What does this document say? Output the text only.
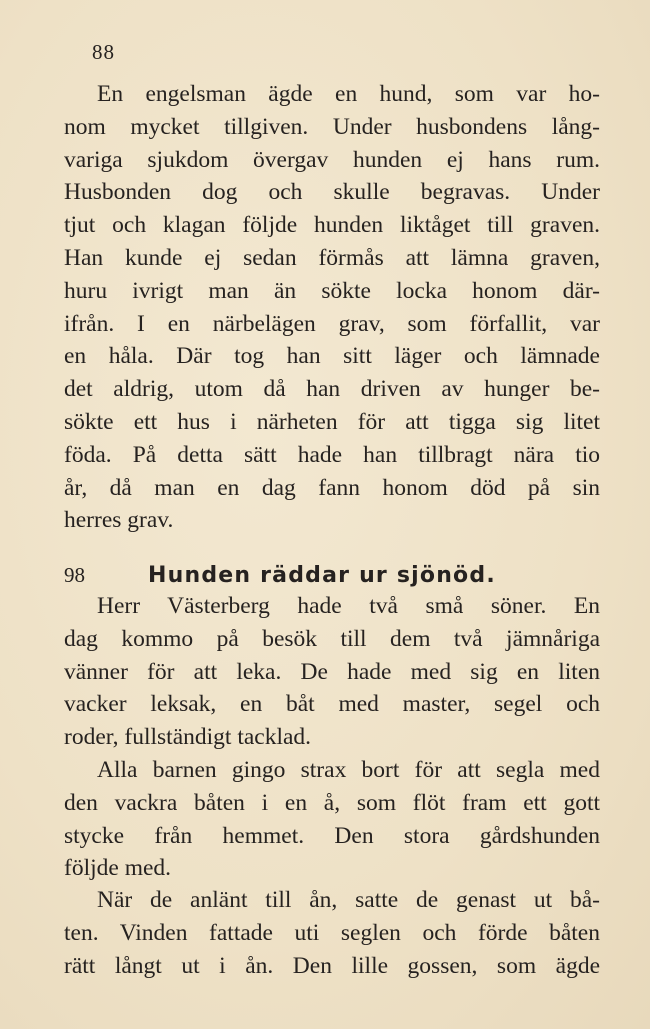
88
En engelsman ägde en hund, som var ho-
nom mycket tillgiven. Under husbondens lång-
variga sjukdom övergav hunden ej hans rum.
Husbonden dog och skulle begravas. Under
tjut och klagan följde hunden liktåget till graven.
Han kunde ej sedan förmås att lämna graven,
huru ivrigt man än sökte locka honom där-
ifrån. I en närbelägen grav, som förfallit, var
en håla. Där tog han sitt läger och lämnade
det aldrig, utom då han driven av hunger be-
sökte ett hus i närheten för att tigga sig litet
föda. På detta sätt hade han tillbragt nära tio
år, då man en dag fann honom död på sin
herres grav.
98	Hunden räddar ur sjönöd.
Herr Västerberg hade två små söner. En
dag kommo på besök till dem två jämnåriga
vänner för att leka. De hade med sig en liten
vacker leksak, en båt med master, segel och
roder, fullständigt tacklad.
Alla barnen gingo strax bort för att segla med
den vackra båten i en å, som flöt fram ett gott
stycke från hemmet. Den stora gårdshunden
följde med.
När de anlänt till ån, satte de genast ut bå-
ten. Vinden fattade uti seglen och förde båten
rätt långt ut i ån. Den lille gossen, som ägde
